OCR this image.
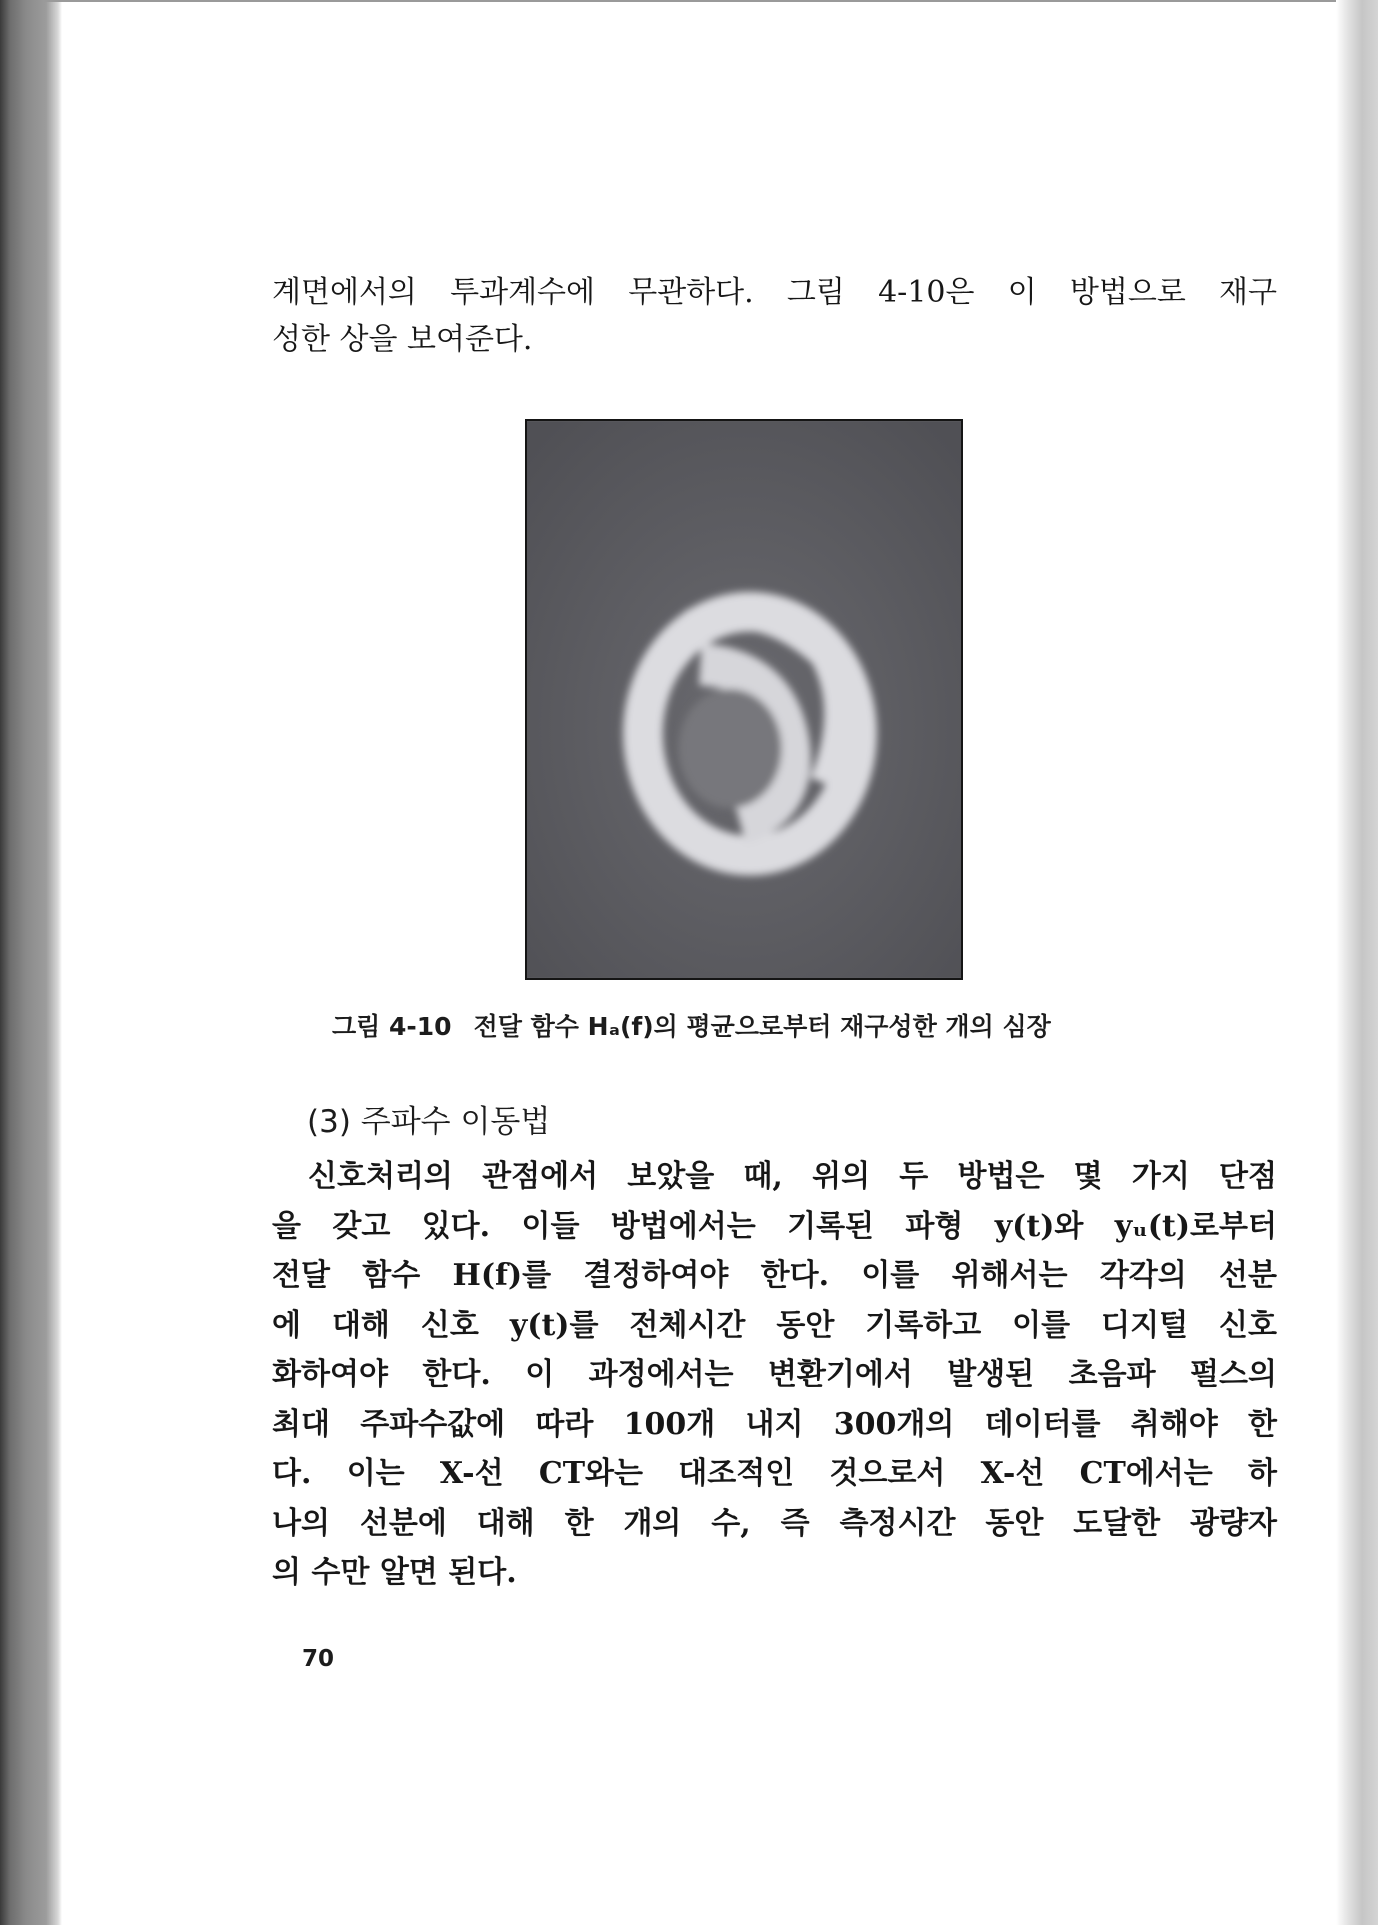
계면에서의 투과계수에 무관하다. 그림 4-10은 이 방법으로 재구
성한 상을 보여준다.
그림 4-10 전달 함수 Hₐ(f)의 평균으로부터 재구성한 개의 심장
(3) 주파수 이동법
신호처리의 관점에서 보았을 때, 위의 두 방법은 몇 가지 단점
을 갖고 있다. 이들 방법에서는 기록된 파형 y(t)와 yᵤ(t)로부터
전달 함수 H(f)를 결정하여야 한다. 이를 위해서는 각각의 선분
에 대해 신호 y(t)를 전체시간 동안 기록하고 이를 디지털 신호
화하여야 한다. 이 과정에서는 변환기에서 발생된 초음파 펄스의
최대 주파수값에 따라 100개 내지 300개의 데이터를 취해야 한
다. 이는 X-선 CT와는 대조적인 것으로서 X-선 CT에서는 하
나의 선분에 대해 한 개의 수, 즉 측정시간 동안 도달한 광량자
의 수만 알면 된다.
70
